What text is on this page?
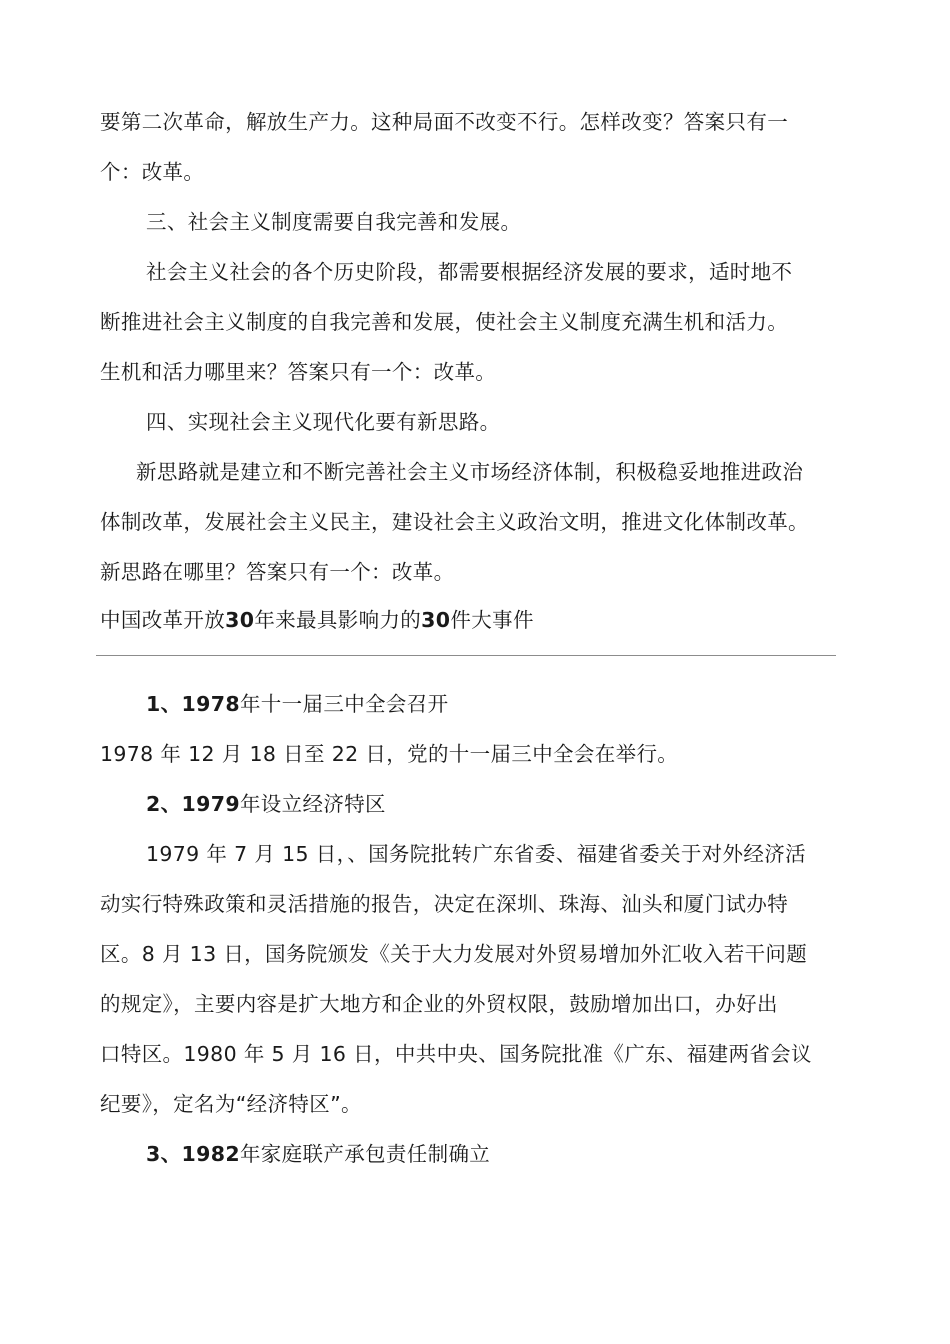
要第二次革命，解放生产力。这种局面不改变不行。怎样改变？答案只有一
个：改革。
三、社会主义制度需要自我完善和发展。
社会主义社会的各个历史阶段，都需要根据经济发展的要求，适时地不
断推进社会主义制度的自我完善和发展，使社会主义制度充满生机和活力。
生机和活力哪里来？答案只有一个：改革。
四、实现社会主义现代化要有新思路。
新思路就是建立和不断完善社会主义市场经济体制，积极稳妥地推进政治
体制改革，发展社会主义民主，建设社会主义政治文明，推进文化体制改革。
新思路在哪里？答案只有一个：改革。
中国改革开放30年来最具影响力的30件大事件
1、1978年十一届三中全会召开
1978 年 12 月 18 日至 22 日，党的十一届三中全会在举行。
2、1979年设立经济特区
1979 年 7 月 15 日，、国务院批转广东省委、福建省委关于对外经济活
动实行特殊政策和灵活措施的报告，决定在深圳、珠海、汕头和厦门试办特
区。8 月 13 日，国务院颁发《关于大力发展对外贸易增加外汇收入若干问题
的规定》，主要内容是扩大地方和企业的外贸权限，鼓励增加出口，办好出
口特区。1980 年 5 月 16 日，中共中央、国务院批准《广东、福建两省会议
纪要》，定名为“经济特区”。
3、1982年家庭联产承包责任制确立
